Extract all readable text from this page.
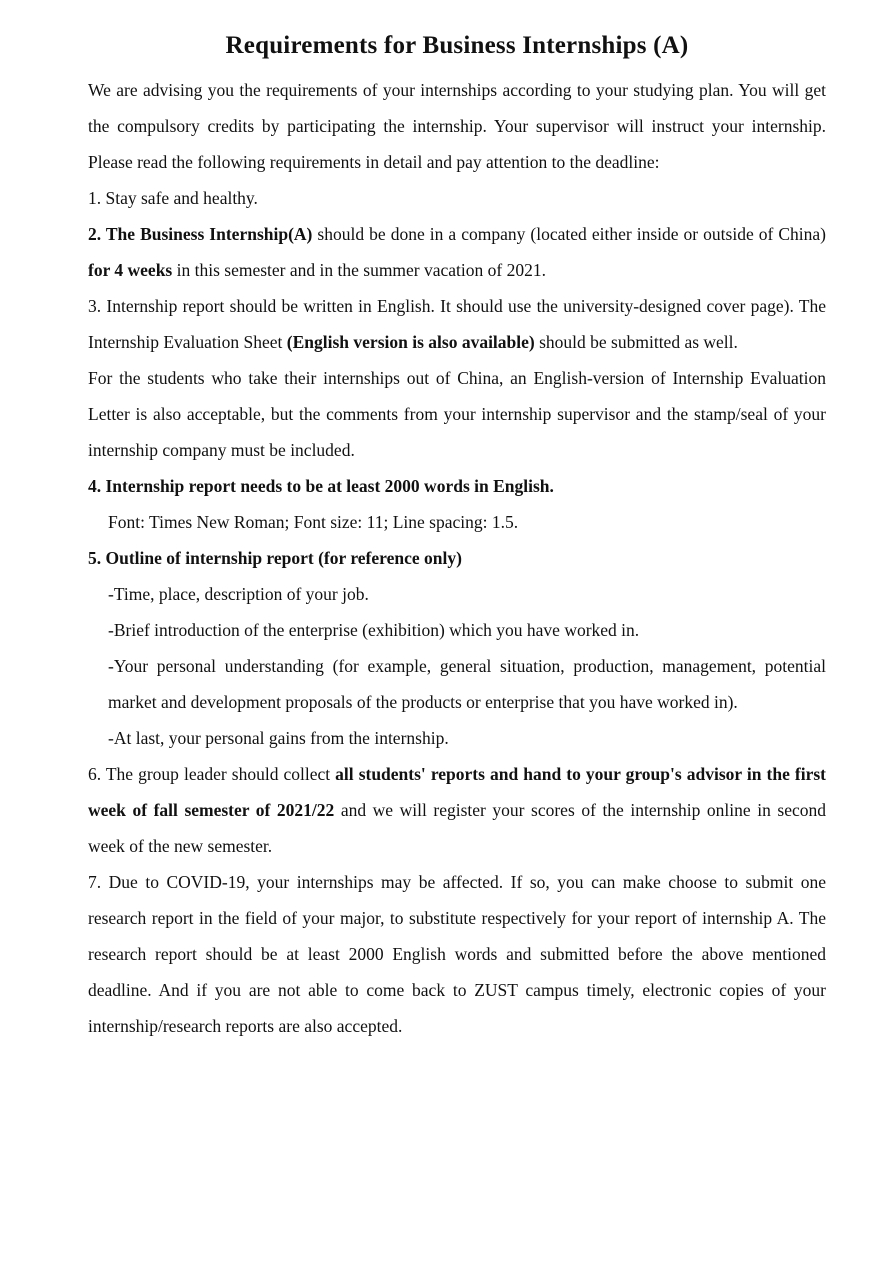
Requirements for Business Internships (A)

We are advising you the requirements of your internships according to your studying plan. You will get the compulsory credits by participating the internship. Your supervisor will instruct your internship. Please read the following requirements in detail and pay attention to the deadline:

1. Stay safe and healthy.

2. The Business Internship(A) should be done in a company (located either inside or outside of China) for 4 weeks in this semester and in the summer vacation of 2021.

3. Internship report should be written in English. It should use the university-designed cover page). The Internship Evaluation Sheet (English version is also available) should be submitted as well.

For the students who take their internships out of China, an English-version of Internship Evaluation Letter is also acceptable, but the comments from your internship supervisor and the stamp/seal of your internship company must be included.

4. Internship report needs to be at least 2000 words in English.

Font: Times New Roman; Font size: 11; Line spacing: 1.5.

5. Outline of internship report (for reference only)

-Time, place, description of your job.

-Brief introduction of the enterprise (exhibition) which you have worked in.

-Your personal understanding (for example, general situation, production, management, potential market and development proposals of the products or enterprise that you have worked in).

-At last, your personal gains from the internship.

6. The group leader should collect all students' reports and hand to your group's advisor in the first week of fall semester of 2021/22 and we will register your scores of the internship online in second week of the new semester.

7. Due to COVID-19, your internships may be affected. If so, you can make choose to submit one research report in the field of your major, to substitute respectively for your report of internship A. The research report should be at least 2000 English words and submitted before the above mentioned deadline. And if you are not able to come back to ZUST campus timely, electronic copies of your internship/research reports are also accepted.
